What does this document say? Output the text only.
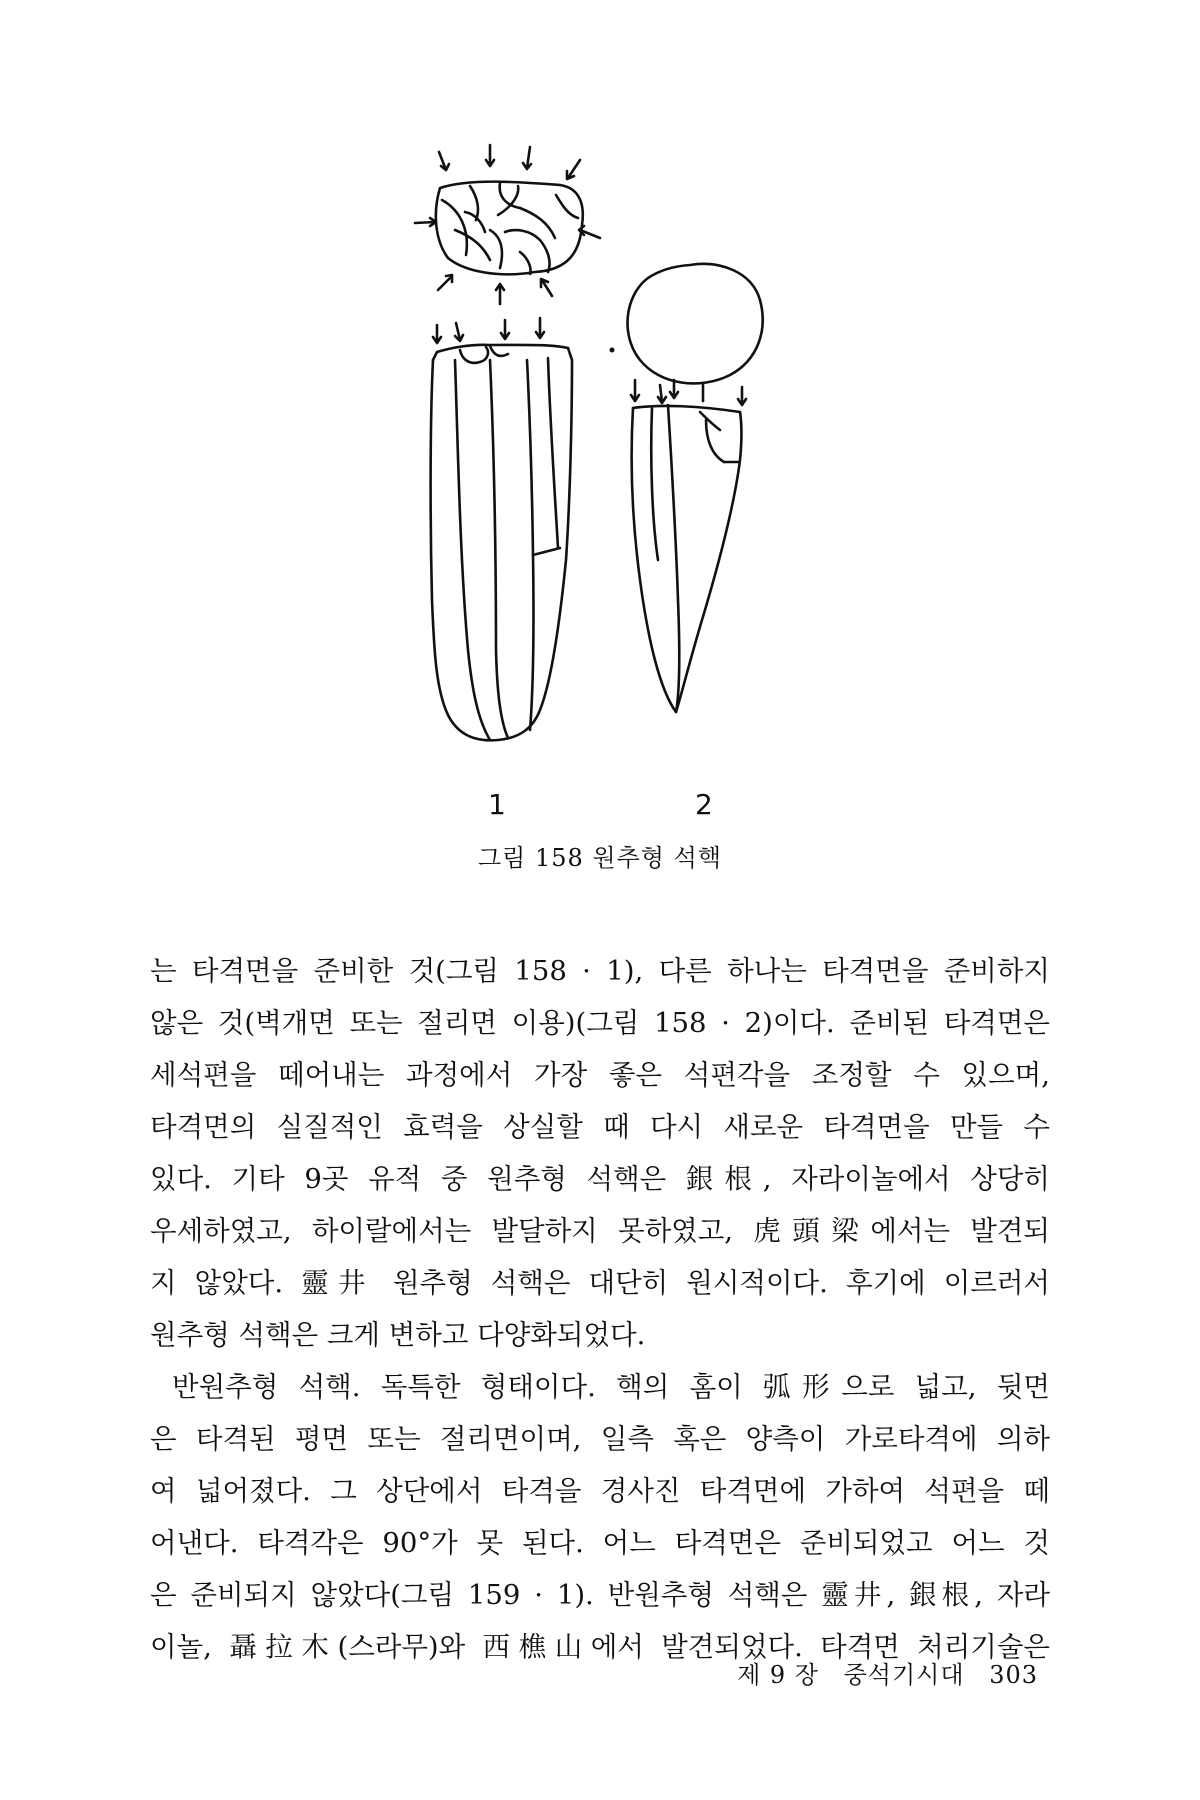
1	2
그림 158 원추형 석핵
는 타격면을 준비한 것(그림 158 · 1), 다른 하나는 타격면을 준비하지
않은 것(벽개면 또는 절리면 이용)(그림 158 · 2)이다. 준비된 타격면은
세석편을 떼어내는 과정에서 가장 좋은 석편각을 조정할 수 있으며,
타격면의 실질적인 효력을 상실할 때 다시 새로운 타격면을 만들 수
있다. 기타 9곳 유적 중 원추형 석핵은 銀根, 자라이놀에서 상당히
우세하였고, 하이랄에서는 발달하지 못하였고, 虎頭梁에서는 발견되
지 않았다. 靈井 원추형 석핵은 대단히 원시적이다. 후기에 이르러서
원추형 석핵은 크게 변하고 다양화되었다.
반원추형 석핵. 독특한 형태이다. 핵의 홈이 弧形으로 넓고, 뒷면
은 타격된 평면 또는 절리면이며, 일측 혹은 양측이 가로타격에 의하
여 넓어졌다. 그 상단에서 타격을 경사진 타격면에 가하여 석편을 떼
어낸다. 타격각은 90°가 못 된다. 어느 타격면은 준비되었고 어느 것
은 준비되지 않았다(그림 159 · 1). 반원추형 석핵은 靈井, 銀根, 자라
이놀, 聶拉木(스라무)와 西樵山에서 발견되었다. 타격면 처리기술은
제 9 장 중석기시대 303
